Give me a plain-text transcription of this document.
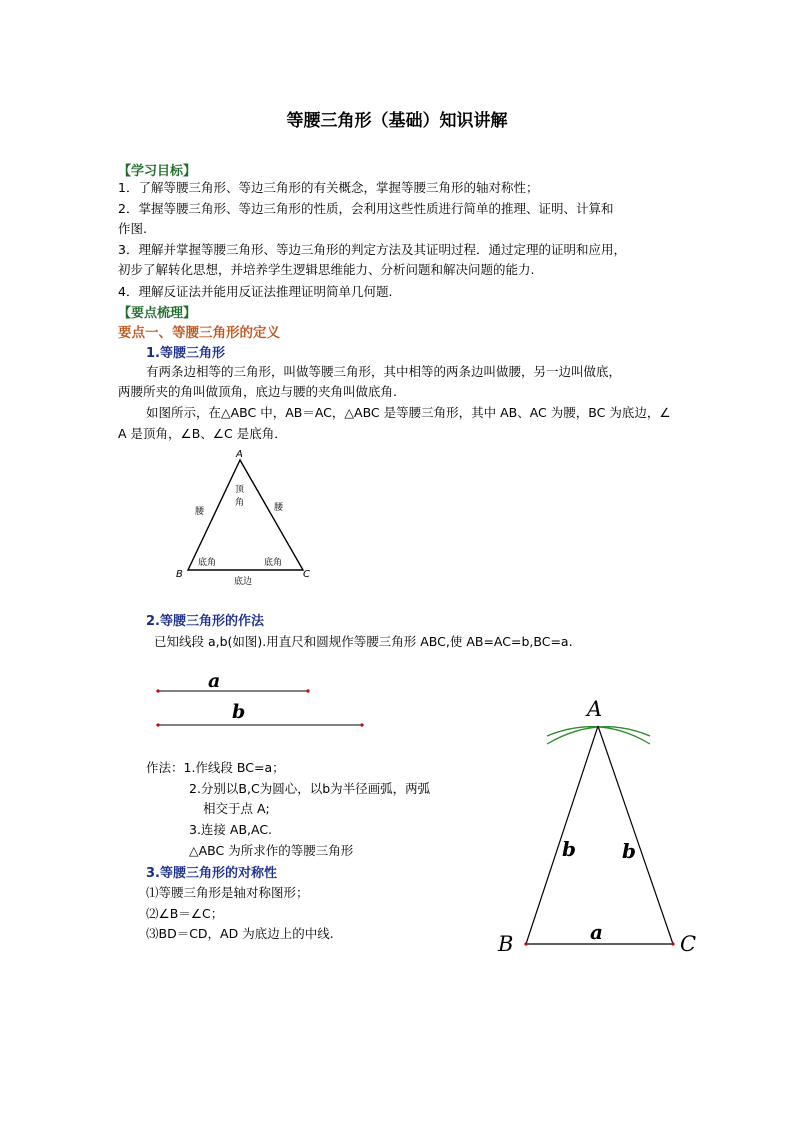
等腰三角形（基础）知识讲解
【学习目标】
1．了解等腰三角形、等边三角形的有关概念，掌握等腰三角形的轴对称性；
2．掌握等腰三角形、等边三角形的性质，会利用这些性质进行简单的推理、证明、计算和
作图.
3．理解并掌握等腰三角形、等边三角形的判定方法及其证明过程．通过定理的证明和应用，
初步了解转化思想，并培养学生逻辑思维能力、分析问题和解决问题的能力.
4．理解反证法并能用反证法推理证明简单几何题.
【要点梳理】
要点一、等腰三角形的定义
1.等腰三角形
有两条边相等的三角形，叫做等腰三角形，其中相等的两条边叫做腰，另一边叫做底，
两腰所夹的角叫做顶角，底边与腰的夹角叫做底角.
如图所示，在△ABC 中，AB＝AC，△ABC 是等腰三角形，其中 AB、AC 为腰，BC 为底边，∠
A 是顶角，∠B、∠C 是底角．
A
B	C
顶
角
腰	腰
底角	底角
底边
2.等腰三角形的作法
已知线段 a,b(如图).用直尺和圆规作等腰三角形 ABC,使 AB=AC=b,BC=a.
a
b
作法：1.作线段 BC=a；
2.分别以B,C为圆心，以b为半径画弧，两弧
相交于点 A;
3.连接 AB,AC.
△ABC 为所求作的等腰三角形
3.等腰三角形的对称性
⑴等腰三角形是轴对称图形；
⑵∠B＝∠C；
⑶BD＝CD，AD 为底边上的中线.
A
B	C
b b
a
